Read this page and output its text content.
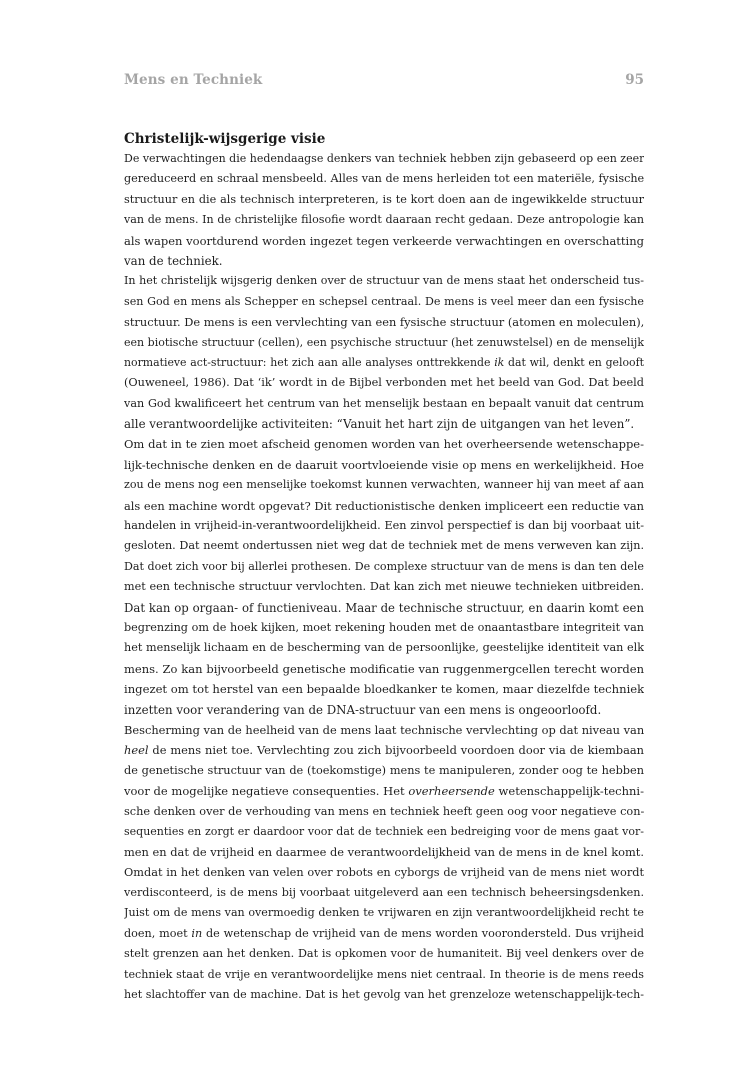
Mens en Techniek	95
Christelijk-wijsgerige visie
De verwachtingen die hedendaagse denkers van techniek hebben zijn gebaseerd op een zeer
gereduceerd en schraal mensbeeld. Alles van de mens herleiden tot een materiële, fysische
structuur en die als technisch interpreteren, is te kort doen aan de ingewikkelde structuur
van de mens. In de christelijke filosofie wordt daaraan recht gedaan. Deze antropologie kan
als wapen voortdurend worden ingezet tegen verkeerde verwachtingen en overschatting
van de techniek.
In het christelijk wijsgerig denken over de structuur van de mens staat het onderscheid tus-
sen God en mens als Schepper en schepsel centraal. De mens is veel meer dan een fysische
structuur. De mens is een vervlechting van een fysische structuur (atomen en moleculen),
een biotische structuur (cellen), een psychische structuur (het zenuwstelsel) en de menselijk
normatieve act-structuur: het zich aan alle analyses onttrekkende ik dat wil, denkt en gelooft
(Ouweneel, 1986). Dat ‘ik’ wordt in de Bijbel verbonden met het beeld van God. Dat beeld
van God kwalificeert het centrum van het menselijk bestaan en bepaalt vanuit dat centrum
alle verantwoordelijke activiteiten: “Vanuit het hart zijn de uitgangen van het leven”.
Om dat in te zien moet afscheid genomen worden van het overheersende wetenschappe-
lijk-technische denken en de daaruit voortvloeiende visie op mens en werkelijkheid. Hoe
zou de mens nog een menselijke toekomst kunnen verwachten, wanneer hij van meet af aan
als een machine wordt opgevat? Dit reductionistische denken impliceert een reductie van
handelen in vrijheid-in-verantwoordelijkheid. Een zinvol perspectief is dan bij voorbaat uit-
gesloten. Dat neemt ondertussen niet weg dat de techniek met de mens verweven kan zijn.
Dat doet zich voor bij allerlei prothesen. De complexe structuur van de mens is dan ten dele
met een technische structuur vervlochten. Dat kan zich met nieuwe technieken uitbreiden.
Dat kan op orgaan- of functieniveau. Maar de technische structuur, en daarin komt een
begrenzing om de hoek kijken, moet rekening houden met de onaantastbare integriteit van
het menselijk lichaam en de bescherming van de persoonlijke, geestelijke identiteit van elk
mens. Zo kan bijvoorbeeld genetische modificatie van ruggenmergcellen terecht worden
ingezet om tot herstel van een bepaalde bloedkanker te komen, maar diezelfde techniek
inzetten voor verandering van de DNA-structuur van een mens is ongeoorloofd.
Bescherming van de heelheid van de mens laat technische vervlechting op dat niveau van
heel de mens niet toe. Vervlechting zou zich bijvoorbeeld voordoen door via de kiembaan
de genetische structuur van de (toekomstige) mens te manipuleren, zonder oog te hebben
voor de mogelijke negatieve consequenties. Het overheersende wetenschappelijk-techni-
sche denken over de verhouding van mens en techniek heeft geen oog voor negatieve con-
sequenties en zorgt er daardoor voor dat de techniek een bedreiging voor de mens gaat vor-
men en dat de vrijheid en daarmee de verantwoordelijkheid van de mens in de knel komt.
Omdat in het denken van velen over robots en cyborgs de vrijheid van de mens niet wordt
verdisconteerd, is de mens bij voorbaat uitgeleverd aan een technisch beheersingsdenken.
Juist om de mens van overmoedig denken te vrijwaren en zijn verantwoordelijkheid recht te
doen, moet in de wetenschap de vrijheid van de mens worden voorondersteld. Dus vrijheid
stelt grenzen aan het denken. Dat is opkomen voor de humaniteit. Bij veel denkers over de
techniek staat de vrije en verantwoordelijke mens niet centraal. In theorie is de mens reeds
het slachtoffer van de machine. Dat is het gevolg van het grenzeloze wetenschappelijk-tech-
